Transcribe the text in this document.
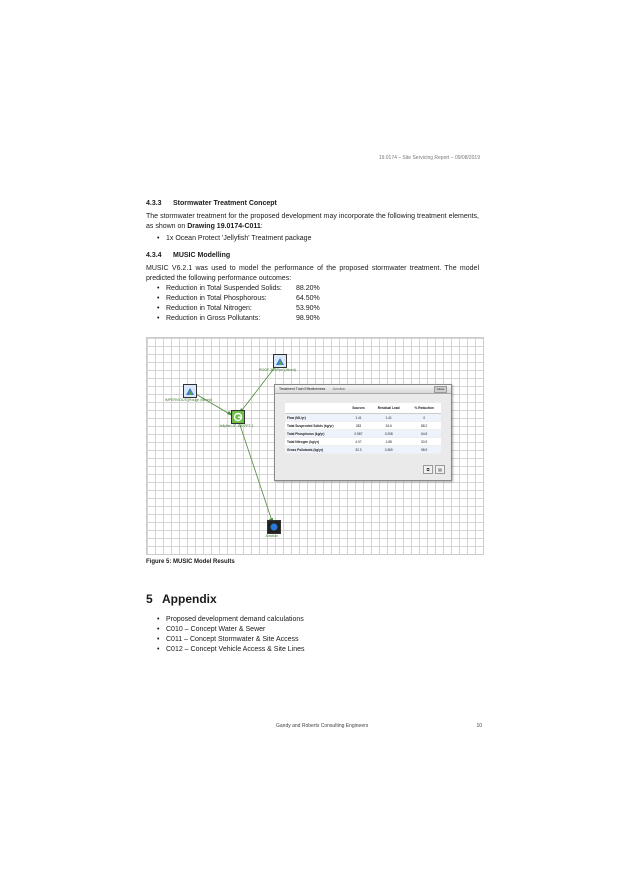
19.0174 – Site Servicing Report – 09/08/2019
4.3.3 Stormwater Treatment Concept
The stormwater treatment for the proposed development may incorporate the following treatment elements, as shown on Drawing 19.0174-C011:
• 1x Ocean Protect 'Jellyfish' Treatment package
4.3.4 MUSIC Modelling
MUSIC V6.2.1 was used to model the performance of the proposed stormwater treatment. The model predicted the following performance outcomes:
• Reduction in Total Suspended Solids: 88.20%
• Reduction in Total Phosphorous:	64.50%
• Reduction in Total Nitrogen:	53.90%
• Reduction in Gross Pollutants:	98.90%
ROOF 38%Ppn (Mixed)
IMPERVIOUS (Rough (Mixed)
Jellyfish JF-100 FFT-1
Junction
Treatment Train Effectiveness Junction	Close
	Sources	Residual Load	% Reduction
Flow (ML/yr)	1.41	1.41	0
Total Suspended Solids (kg/yr)	283	34.6	88.2
Total Phosphorus (kg/yr)	0.587	0.208	64.5
Total Nitrogen (kg/yr)	4.07	1.88	53.9
Gross Pollutants (kg/yr)	32.3	0.369	98.9
⧉	▤
Figure 5: MUSIC Model Results
5 Appendix
• Proposed development demand calculations
• C010 – Concept Water & Sewer
• C011 – Concept Stormwater & Site Access
• C012 – Concept Vehicle Access & Site Lines
Gandy and Roberts Consulting Engineers	10
